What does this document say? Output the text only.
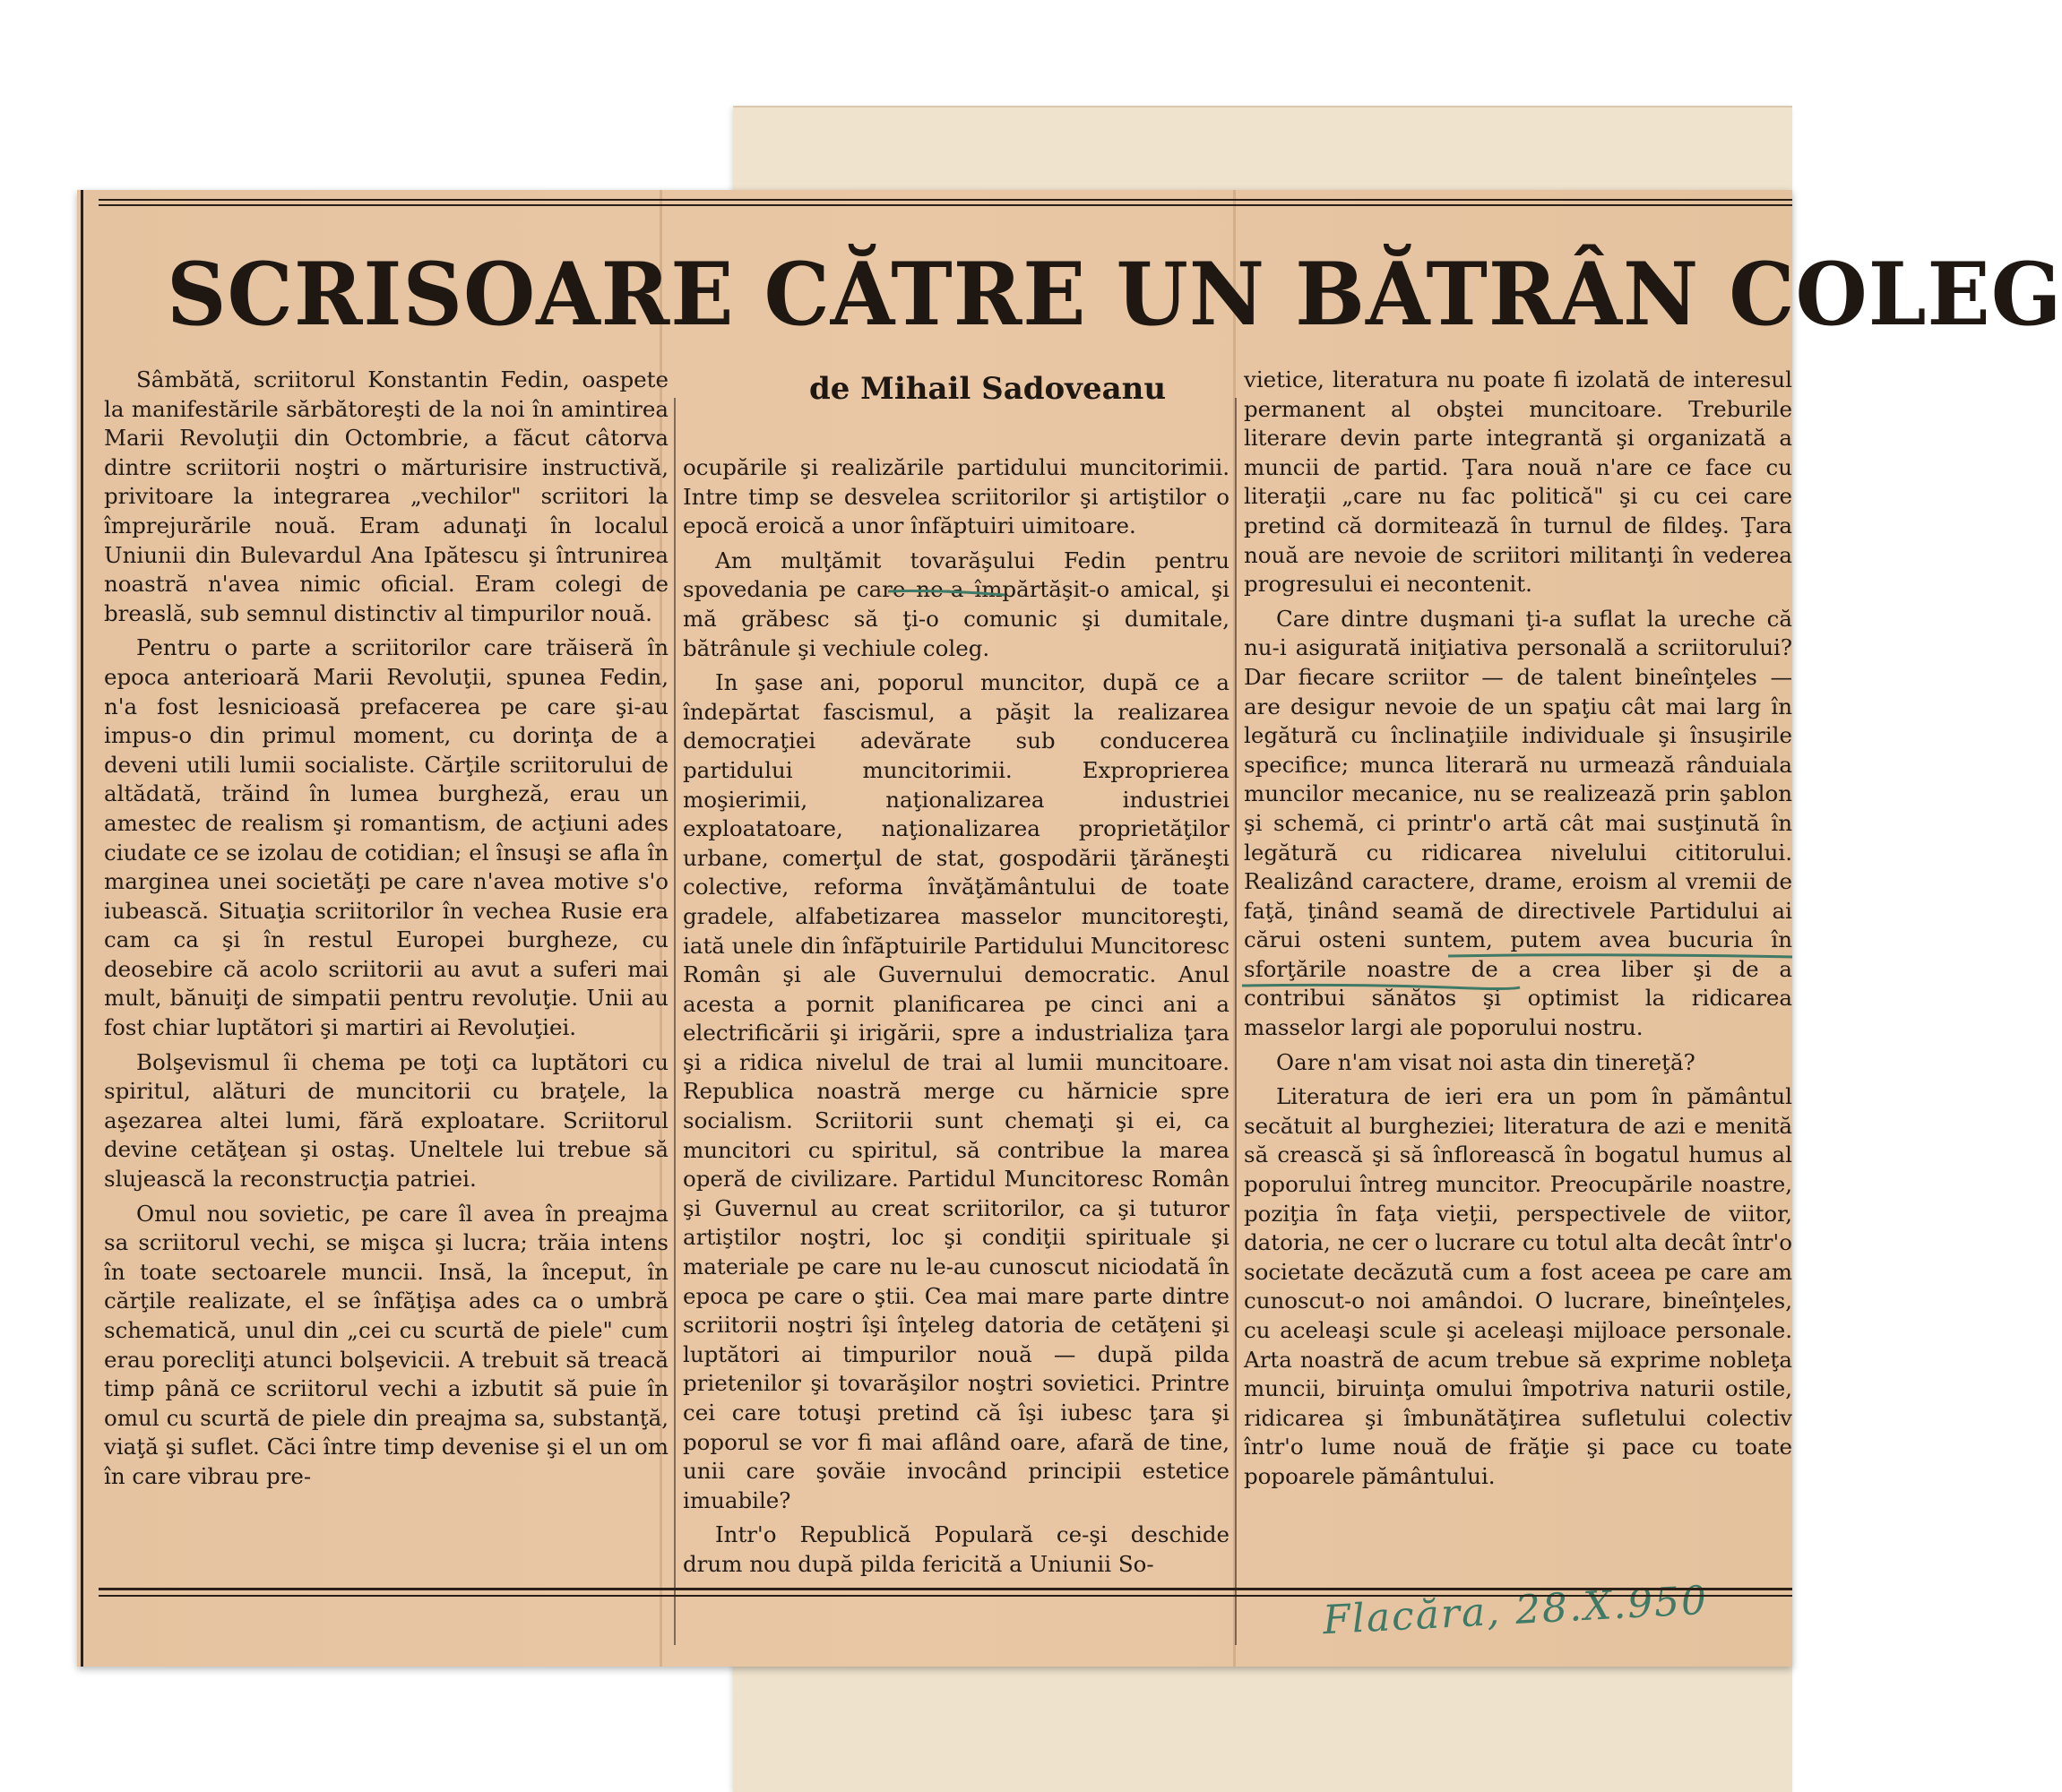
SCRISOARE CĂTRE UN BĂTRÂN COLEG
de Mihail Sadoveanu

Sâmbătă, scriitorul Konstantin Fedin, oaspete la manifestările sărbătoreşti de la noi în amintirea Marii Revoluţii din Octombrie, a făcut câtorva dintre scriitorii noştri o mărturisire instructivă, privitoare la integrarea „vechilor" scriitori la împrejurările nouă. Eram adunaţi în localul Uniunii din Bulevardul Ana Ipătescu şi întrunirea noastră n'avea nimic oficial. Eram colegi de breaslă, sub semnul distinctiv al timpurilor nouă.

Pentru o parte a scriitorilor care trăiseră în epoca anterioară Marii Revoluţii, spunea Fedin, n'a fost lesnicioasă prefacerea pe care şi-au impus-o din primul moment, cu dorinţa de a deveni utili lumii socialiste. Cărţile scriitorului de altădată, trăind în lumea burgheză, erau un amestec de realism şi romantism, de acţiuni ades ciudate ce se izolau de cotidian; el însuşi se afla în marginea unei societăţi pe care n'avea motive s'o iubească. Situaţia scriitorilor în vechea Rusie era cam ca şi în restul Europei burgheze, cu deosebire că acolo scriitorii au avut a suferi mai mult, bănuiţi de simpatii pentru revoluţie. Unii au fost chiar luptători şi martiri ai Revoluţiei.

Bolşevismul îi chema pe toţi ca luptători cu spiritul, alături de muncitorii cu braţele, la aşezarea altei lumi, fără exploatare. Scriitorul devine cetăţean şi ostaş. Uneltele lui trebue să slujească la reconstrucţia patriei.

Omul nou sovietic, pe care îl avea în preajma sa scriitorul vechi, se mişca şi lucra; trăia intens în toate sectoarele muncii. Insă, la început, în cărţile realizate, el se înfăţişa ades ca o umbră schematică, unul din „cei cu scurtă de piele" cum erau porecliţi atunci bolşevicii. A trebuit să treacă timp până ce scriitorul vechi a izbutit să puie în omul cu scurtă de piele din preajma sa, substanţă, viaţă şi suflet. Căci între timp devenise şi el un om în care vibrau pre-

ocupările şi realizările partidului muncitorimii. Intre timp se desvelea scriitorilor şi artiştilor o epocă eroică a unor înfăptuiri uimitoare.

Am mulţămit tovarăşului Fedin pentru spovedania pe care ne-a împărtăşit-o amical, şi mă grăbesc să ţi-o comunic şi dumitale, bătrânule şi vechiule coleg.

In şase ani, poporul muncitor, după ce a îndepărtat fascismul, a păşit la realizarea democraţiei adevărate sub conducerea partidului muncitorimii. Exproprierea moşierimii, naţionalizarea industriei exploatatoare, naţionalizarea proprietăţilor urbane, comerţul de stat, gospodării ţărăneşti colective, reforma învăţământului de toate gradele, alfabetizarea masselor muncitoreşti, iată unele din înfăptuirile Partidului Muncitoresc Român şi ale Guvernului democratic. Anul acesta a pornit planificarea pe cinci ani a electrificării şi irigării, spre a industrializa ţara şi a ridica nivelul de trai al lumii muncitoare. Republica noastră merge cu hărnicie spre socialism. Scriitorii sunt chemaţi şi ei, ca muncitori cu spiritul, să contribue la marea operă de civilizare. Partidul Muncitoresc Român şi Guvernul au creat scriitorilor, ca şi tuturor artiştilor noştri, loc şi condiţii spirituale şi materiale pe care nu le-au cunoscut niciodată în epoca pe care o ştii. Cea mai mare parte dintre scriitorii noştri îşi înţeleg datoria de cetăţeni şi luptători ai timpurilor nouă — după pilda prietenilor şi tovarăşilor noştri sovietici. Printre cei care totuşi pretind că îşi iubesc ţara şi poporul se vor fi mai aflând oare, afară de tine, unii care şovăie invocând principii estetice imuabile?

Intr'o Republică Populară ce-şi deschide drum nou după pilda fericită a Uniunii So-

vietice, literatura nu poate fi izolată de interesul permanent al obştei muncitoare. Treburile literare devin parte integrantă şi organizată a muncii de partid. Ţara nouă n'are ce face cu literaţii „care nu fac politică" şi cu cei care pretind că dormitează în turnul de fildeş. Ţara nouă are nevoie de scriitori militanţi în vederea progresului ei necontenit.

Care dintre duşmani ţi-a suflat la ureche că nu-i asigurată iniţiativa personală a scriitorului? Dar fiecare scriitor — de talent bineînţeles — are desigur nevoie de un spaţiu cât mai larg în legătură cu înclinaţiile individuale şi însuşirile specifice; munca literară nu urmează rânduiala muncilor mecanice, nu se realizează prin şablon şi schemă, ci printr'o artă cât mai susţinută în legătură cu ridicarea nivelului cititorului. Realizând caractere, drame, eroism al vremii de faţă, ţinând seamă de directivele Partidului ai cărui osteni suntem, putem avea bucuria în sforţările noastre de a crea liber şi de a contribui sănătos şi optimist la ridicarea masselor largi ale poporului nostru.

Oare n'am visat noi asta din tinereţă?

Literatura de ieri era un pom în pământul secătuit al burgheziei; literatura de azi e menită să crească şi să înflorească în bogatul humus al poporului întreg muncitor. Preocupările noastre, poziţia în faţa vieţii, perspectivele de viitor, datoria, ne cer o lucrare cu totul alta decât într'o societate decăzută cum a fost aceea pe care am cunoscut-o noi amândoi. O lucrare, bineînţeles, cu aceleaşi scule şi aceleaşi mijloace personale. Arta noastră de acum trebue să exprime nobleţa muncii, biruinţa omului împotriva naturii ostile, ridicarea şi îmbunătăţirea sufletului colectiv într'o lume nouă de frăţie şi pace cu toate popoarele pământului.

Flacăra, 28.X.950
